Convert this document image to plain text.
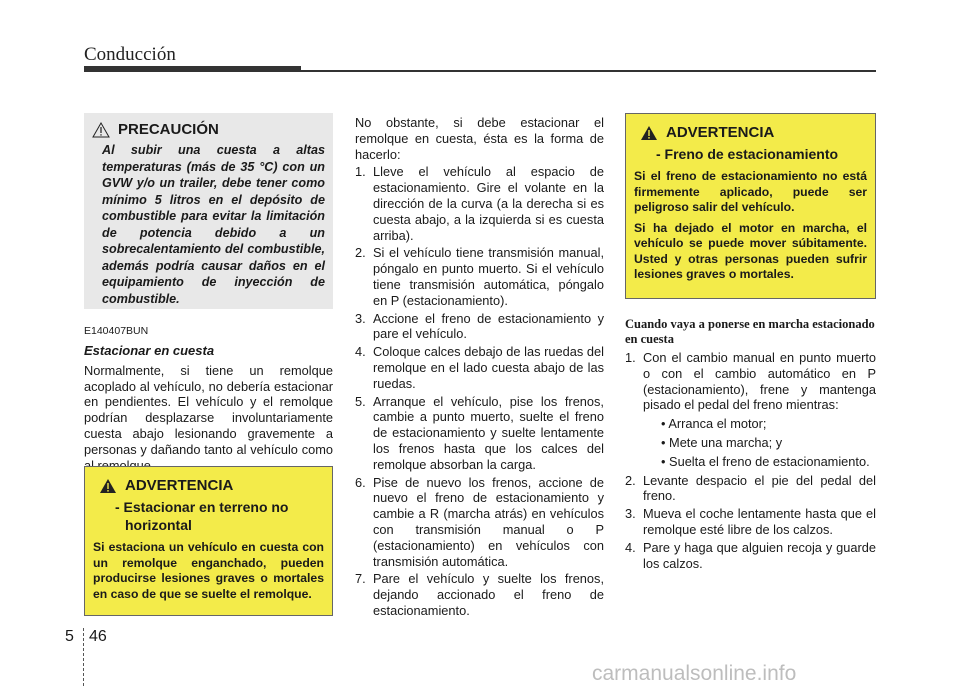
Conducción
PRECAUCIÓN
Al subir una cuesta a altas temperaturas (más de 35 °C) con un GVW y/o un trailer, debe tener como mínimo 5 litros en el depósito de combustible para evitar la limitación de potencia debido a un sobrecalentamiento del combustible, además podría causar daños en el equipamiento de inyección de combustible.
E140407BUN
Estacionar en cuesta
Normalmente, si tiene un remolque acoplado al vehículo, no debería estacionar en pendientes. El vehículo y el remolque podrían desplazarse involuntariamente cuesta abajo lesionando gravemente a personas y dañando tanto al vehículo como
ADVERTENCIA
- Estacionar en terreno no horizontal
Si estaciona un vehículo en cuesta con un remolque enganchado, pueden producirse lesiones graves o mortales en caso de que se suelte el remolque.
No obstante, si debe estacionar el remolque en cuesta, ésta es la forma de hacerlo:
1. Lleve el vehículo al espacio de estacionamiento. Gire el volante en la dirección de la curva (a la derecha si es cuesta abajo, a la izquierda si es cuesta arriba).
2. Si el vehículo tiene transmisión manual, póngalo en punto muerto. Si el vehículo tiene transmisión automática, póngalo en P (estacionamiento).
3. Accione el freno de estacionamiento y pare el vehículo.
4. Coloque calces debajo de las ruedas del remolque en el lado cuesta abajo de las ruedas.
5. Arranque el vehículo, pise los frenos, cambie a punto muerto, suelte el freno de estacionamiento y suelte lentamente los frenos hasta que los calces del remolque absorban la carga.
6. Pise de nuevo los frenos, accione de nuevo el freno de estacionamiento y cambie a R (marcha atrás) en vehículos con transmisión manual o P (estacionamiento) en vehículos con transmisión automática.
7. Pare el vehículo y suelte los frenos, dejando accionado el freno de estacionamiento.
ADVERTENCIA
- Freno de estacionamiento
Si el freno de estacionamiento no está firmemente aplicado, puede ser peligroso salir del vehículo.
Si ha dejado el motor en marcha, el vehículo se puede mover súbitamente. Usted y otras personas pueden sufrir lesiones graves o mortales.
Cuando vaya a ponerse en marcha estacionado en cuesta
1. Con el cambio manual en punto muerto o con el cambio automático en P (estacionamiento), frene y mantenga pisado el pedal del freno mientras:
• Arranca el motor;
• Mete una marcha; y
• Suelta el freno de estacionamiento.
2. Levante despacio el pie del pedal del freno.
3. Mueva el coche lentamente hasta que el remolque esté libre de los calzos.
4. Pare y haga que alguien recoja y guarde los calzos.
5 46
carmanualsonline.info
